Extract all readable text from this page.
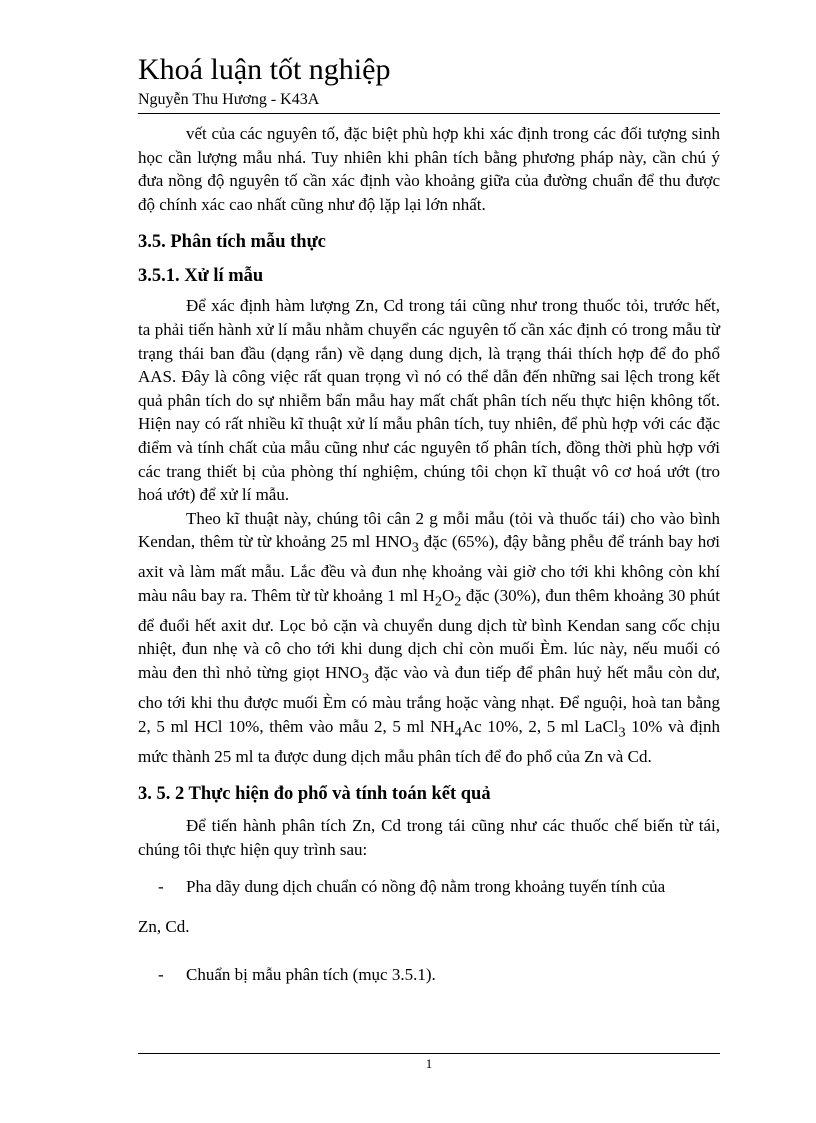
Khoá luận tốt nghiệp
Nguyễn Thu Hương - K43A

vết của các nguyên tố, đặc biệt phù hợp khi xác định trong các đối tượng sinh học cần lượng mẫu nhá. Tuy nhiên khi phân tích bằng phương pháp này, cần chú ý đưa nồng độ nguyên tố cần xác định vào khoảng giữa của đường chuẩn để thu được độ chính xác cao nhất cũng như độ lặp lại lớn nhất.

3.5. Phân tích mẫu thực
3.5.1. Xử lí mẫu

Để xác định hàm lượng Zn, Cd trong tái cũng như trong thuốc tỏi, trước hết, ta phải tiến hành xử lí mẫu nhằm chuyển các nguyên tố cần xác định có trong mẫu từ trạng thái ban đầu (dạng rắn) về dạng dung dịch, là trạng thái thích hợp để đo phổ AAS. Đây là công việc rất quan trọng vì nó có thể dẫn đến những sai lệch trong kết quả phân tích do sự nhiễm bẩn mẫu hay mất chất phân tích nếu thực hiện không tốt. Hiện nay có rất nhiều kĩ thuật xử lí mẫu phân tích, tuy nhiên, để phù hợp với các đặc điểm và tính chất của mẫu cũng như các nguyên tố phân tích, đồng thời phù hợp với các trang thiết bị của phòng thí nghiệm, chúng tôi chọn kĩ thuật vô cơ hoá ướt (tro hoá ướt) để xử lí mẫu.

Theo kĩ thuật này, chúng tôi cân 2 g mỗi mẫu (tỏi và thuốc tái) cho vào bình Kendan, thêm từ từ khoảng 25 ml $HNO_3$ đặc (65%), đậy bằng phễu để tránh bay hơi axit và làm mất mẫu. Lắc đều và đun nhẹ khoảng vài giờ cho tới khi không còn khí màu nâu bay ra. Thêm từ từ khoảng 1 ml $H_2O_2$ đặc (30%), đun thêm khoảng 30 phút để đuổi hết axit dư. Lọc bỏ cặn và chuyển dung dịch từ bình Kendan sang cốc chịu nhiệt, đun nhẹ và cô cho tới khi dung dịch chỉ còn muối Èm. lúc này, nếu muối có màu đen thì nhỏ từng giọt $HNO_3$ đặc vào và đun tiếp để phân huỷ hết mẫu còn dư, cho tới khi thu được muối Èm có màu trắng hoặc vàng nhạt. Để nguội, hoà tan bằng 2, 5 ml HCl 10%, thêm vào mẫu 2, 5 ml $NH_4Ac$ 10%, 2, 5 ml LaCl$_3$ 10% và định mức thành 25 ml ta được dung dịch mẫu phân tích để đo phổ của Zn và Cd.

3. 5. 2 Thực hiện đo phổ và tính toán kết quả

Để tiến hành phân tích Zn, Cd trong tái cũng như các thuốc chế biến từ tái, chúng tôi thực hiện quy trình sau:

-	Pha dãy dung dịch chuẩn có nồng độ nằm trong khoảng tuyến tính của

Zn, Cd.

-	Chuẩn bị mẫu phân tích (mục 3.5.1).
1
